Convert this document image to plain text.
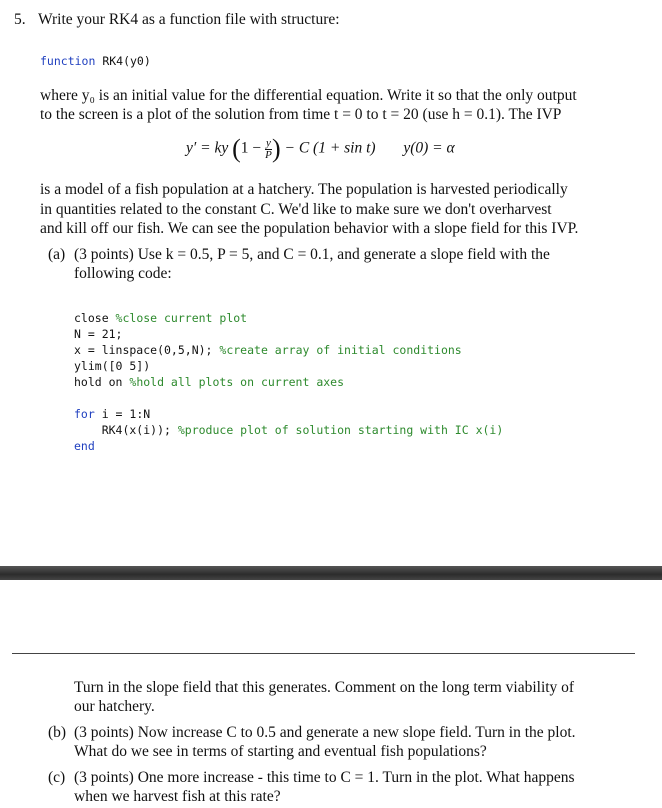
5. Write your RK4 as a function file with structure:
function RK4(y0)
where y₀ is an initial value for the differential equation. Write it so that the only output
to the screen is a plot of the solution from time t = 0 to t = 20 (use h = 0.1). The IVP
y′ = ky ($1 - \frac{y}{P}$ ) − C (1 + sin t) y(0) = α
is a model of a fish population at a hatchery. The population is harvested periodically
in quantities related to the constant C. We'd like to make sure we don't overharvest
and kill off our fish. We can see the population behavior with a slope field for this IVP.
(a) (3 points) Use k = 0.5, P = 5, and C = 0.1, and generate a slope field with the
following code:
close %close current plot
N = 21;
x = linspace(0,5,N); %create array of initial conditions
ylim([0 5])
hold on %hold all plots on current axes
for i = 1:N
RK4(x(i)); %produce plot of solution starting with IC x(i)
end
Turn in the slope field that this generates. Comment on the long term viability of
our hatchery.
(b) (3 points) Now increase C to 0.5 and generate a new slope field. Turn in the plot.
What do we see in terms of starting and eventual fish populations?
(c) (3 points) One more increase - this time to C = 1. Turn in the plot. What happens
when we harvest fish at this rate?
